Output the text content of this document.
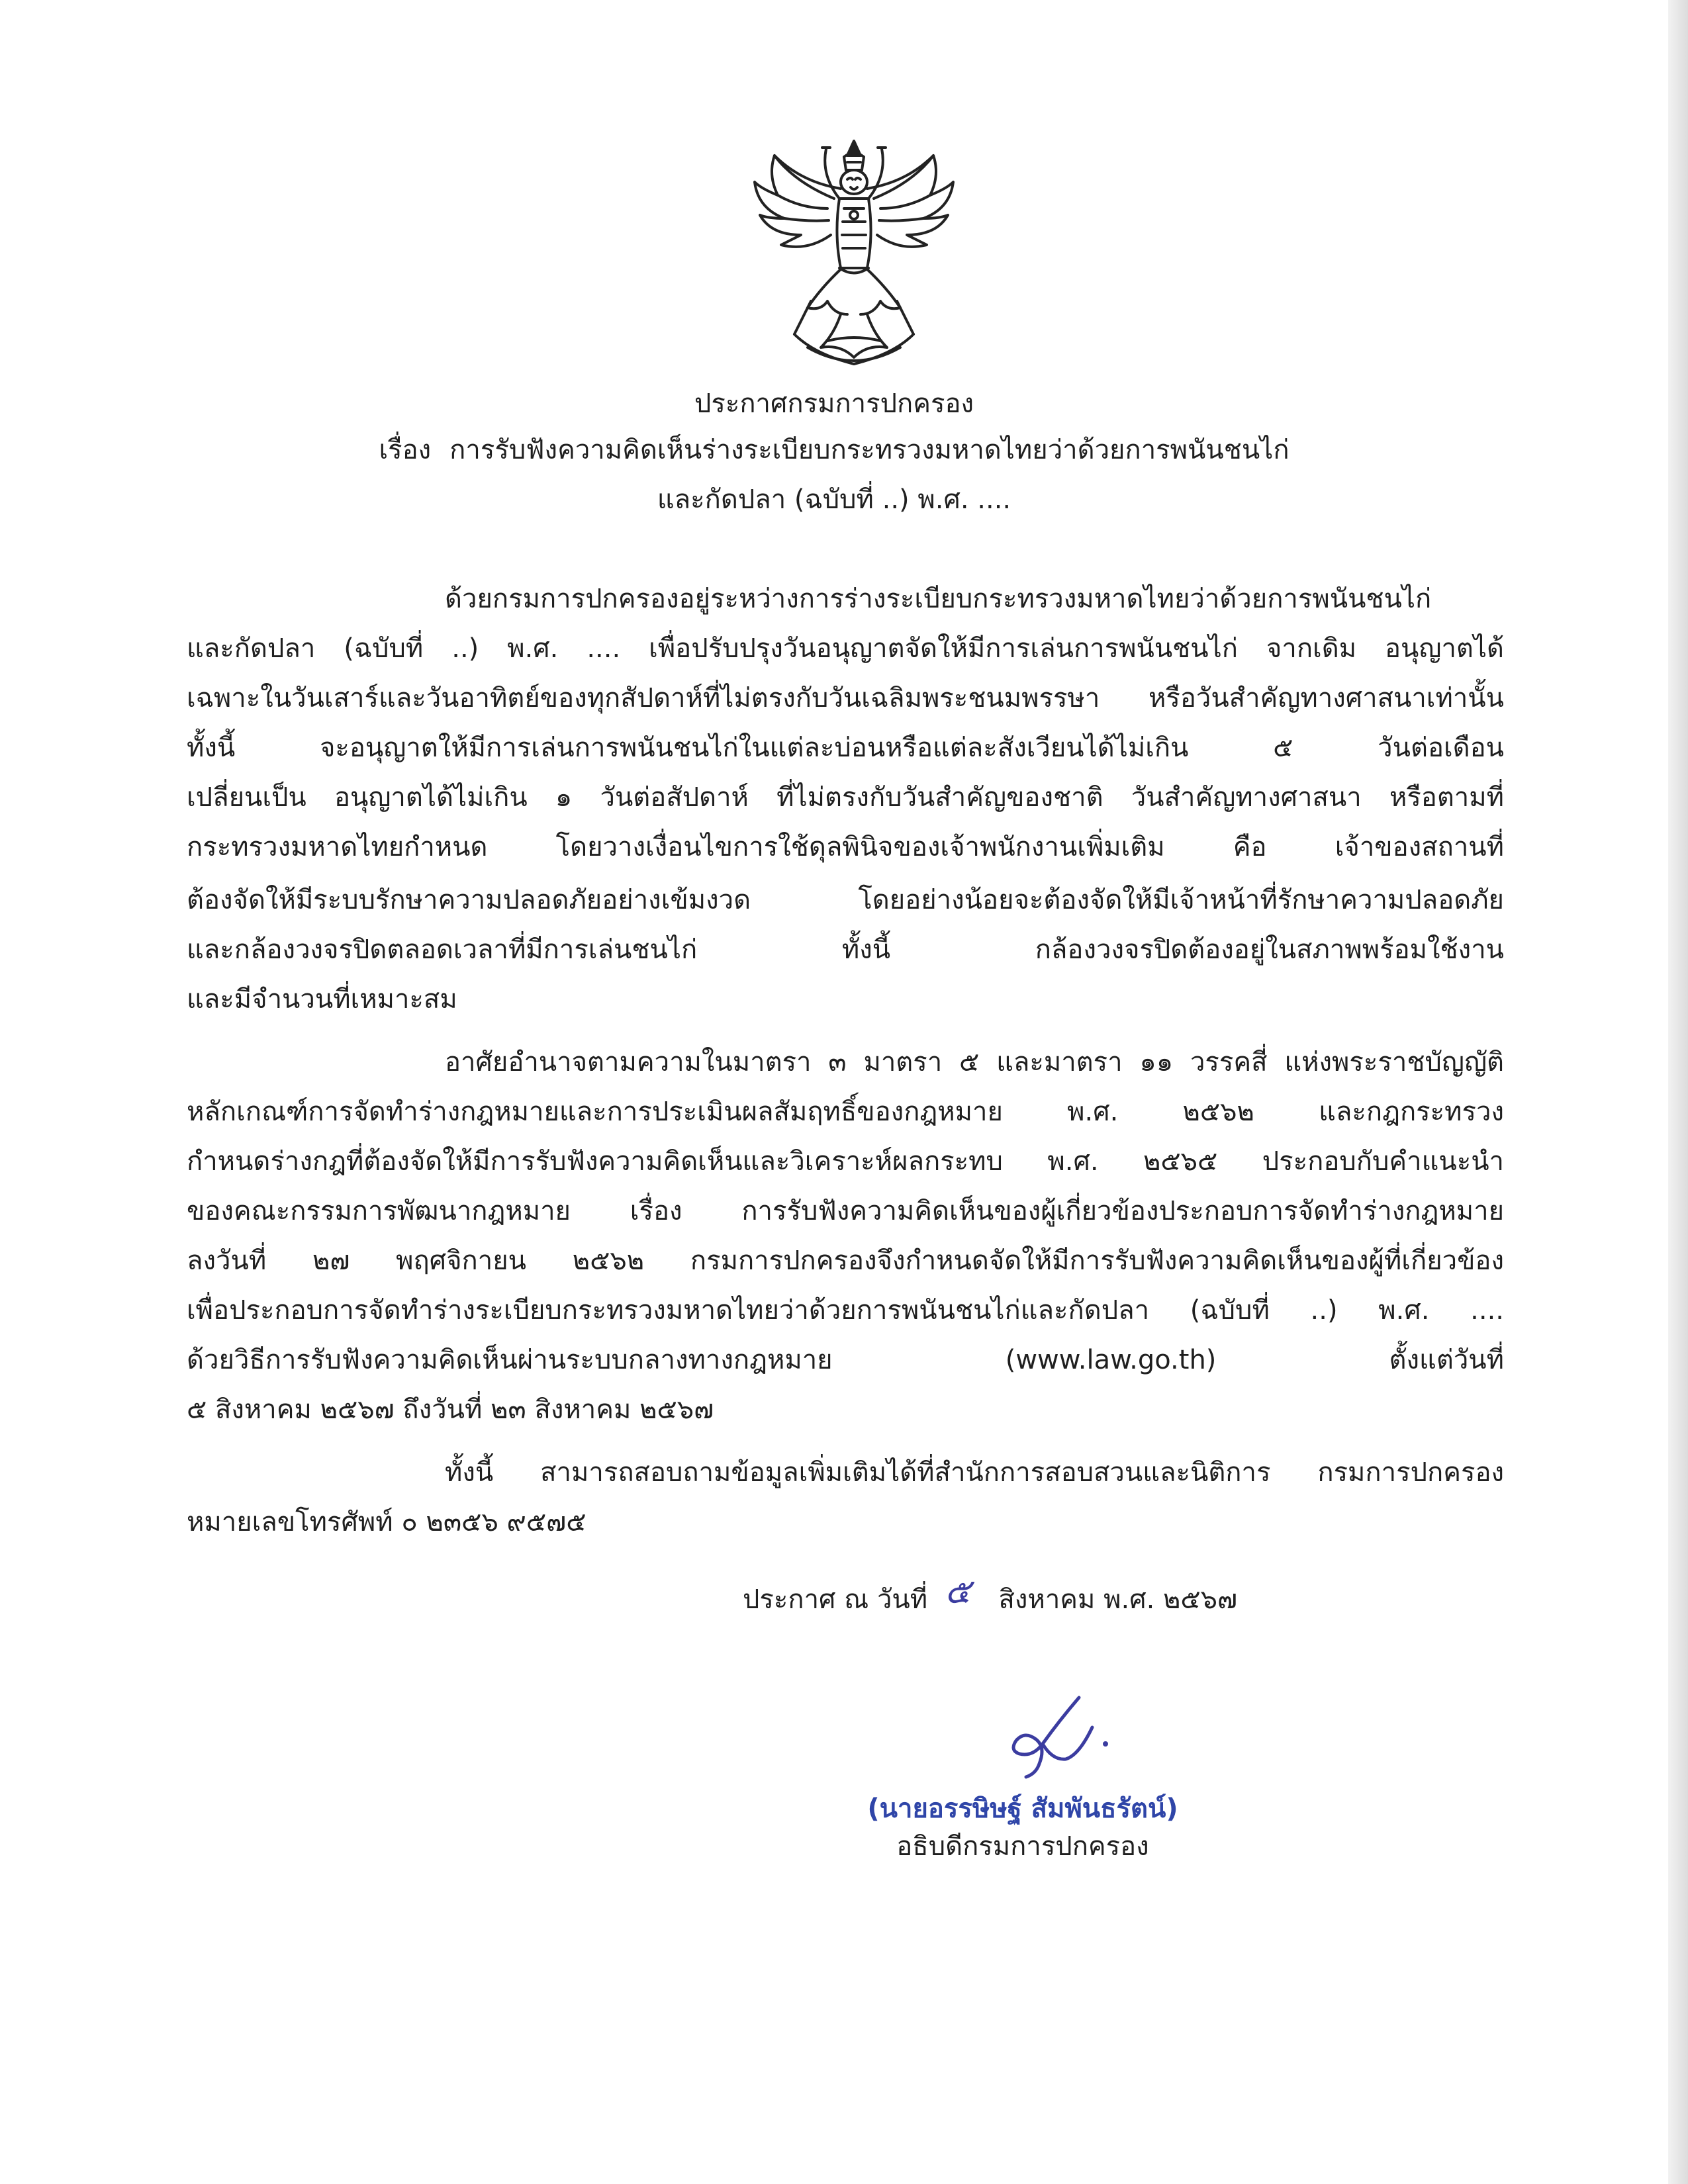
ประกาศกรมการปกครอง
เรื่อง การรับฟังความคิดเห็นร่างระเบียบกระทรวงมหาดไทยว่าด้วยการพนันชนไก่
และกัดปลา (ฉบับที่ ..) พ.ศ. ....
ด้วยกรมการปกครองอยู่ระหว่างการร่างระเบียบกระทรวงมหาดไทยว่าด้วยการพนันชนไก่
และกัดปลา (ฉบับที่ ..) พ.ศ. .... เพื่อปรับปรุงวันอนุญาตจัดให้มีการเล่นการพนันชนไก่ จากเดิม อนุญาตได้
เฉพาะในวันเสาร์และวันอาทิตย์ของทุกสัปดาห์ที่ไม่ตรงกับวันเฉลิมพระชนมพรรษา หรือวันสำคัญทางศาสนาเท่านั้น
ทั้งนี้ จะอนุญาตให้มีการเล่นการพนันชนไก่ในแต่ละบ่อนหรือแต่ละสังเวียนได้ไม่เกิน ๕ วันต่อเดือน
เปลี่ยนเป็น อนุญาตได้ไม่เกิน ๑ วันต่อสัปดาห์ ที่ไม่ตรงกับวันสำคัญของชาติ วันสำคัญทางศาสนา หรือตามที่
กระทรวงมหาดไทยกำหนด โดยวางเงื่อนไขการใช้ดุลพินิจของเจ้าพนักงานเพิ่มเติม คือ เจ้าของสถานที่
ต้องจัดให้มีระบบรักษาความปลอดภัยอย่างเข้มงวด โดยอย่างน้อยจะต้องจัดให้มีเจ้าหน้าที่รักษาความปลอดภัย
และกล้องวงจรปิดตลอดเวลาที่มีการเล่นชนไก่ ทั้งนี้ กล้องวงจรปิดต้องอยู่ในสภาพพร้อมใช้งาน
และมีจำนวนที่เหมาะสม
อาศัยอำนาจตามความในมาตรา ๓ มาตรา ๕ และมาตรา ๑๑ วรรคสี่ แห่งพระราชบัญญัติ
หลักเกณฑ์การจัดทำร่างกฎหมายและการประเมินผลสัมฤทธิ์ของกฎหมาย พ.ศ. ๒๕๖๒ และกฎกระทรวง
กำหนดร่างกฎที่ต้องจัดให้มีการรับฟังความคิดเห็นและวิเคราะห์ผลกระทบ พ.ศ. ๒๕๖๕ ประกอบกับคำแนะนำ
ของคณะกรรมการพัฒนากฎหมาย เรื่อง การรับฟังความคิดเห็นของผู้เกี่ยวข้องประกอบการจัดทำร่างกฎหมาย
ลงวันที่ ๒๗ พฤศจิกายน ๒๕๖๒ กรมการปกครองจึงกำหนดจัดให้มีการรับฟังความคิดเห็นของผู้ที่เกี่ยวข้อง
เพื่อประกอบการจัดทำร่างระเบียบกระทรวงมหาดไทยว่าด้วยการพนันชนไก่และกัดปลา (ฉบับที่ ..) พ.ศ. ....
ด้วยวิธีการรับฟังความคิดเห็นผ่านระบบกลางทางกฎหมาย (www.law.go.th) ตั้งแต่วันที่
๕ สิงหาคม ๒๕๖๗ ถึงวันที่ ๒๓ สิงหาคม ๒๕๖๗
ทั้งนี้ สามารถสอบถามข้อมูลเพิ่มเติมได้ที่สำนักการสอบสวนและนิติการ กรมการปกครอง
หมายเลขโทรศัพท์ ๐ ๒๓๕๖ ๙๕๗๕
ประกาศ ณ วันที่ ๕ สิงหาคม พ.ศ. ๒๕๖๗
(นายอรรษิษฐ์ สัมพันธรัตน์)
อธิบดีกรมการปกครอง
